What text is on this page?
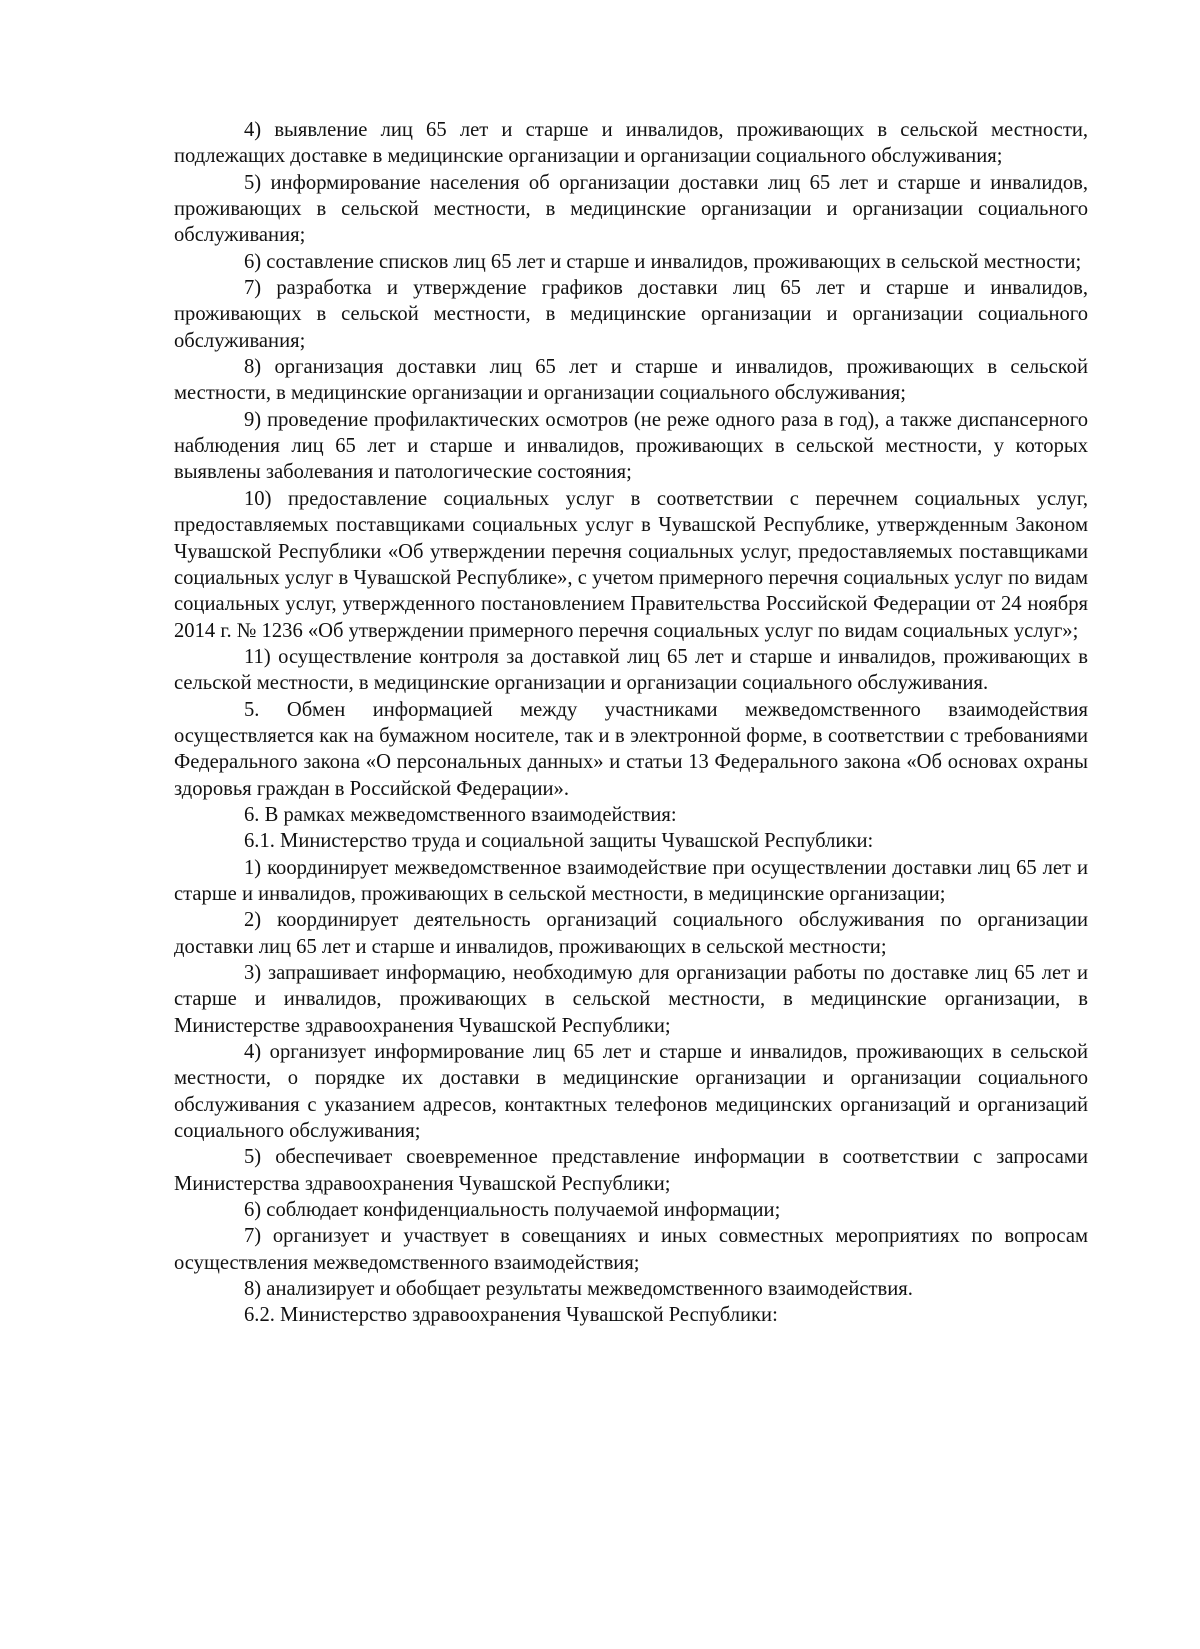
4) выявление лиц 65 лет и старше и инвалидов, проживающих в сельской местности, подлежащих доставке в медицинские организации и организации социального обслуживания;

5) информирование населения об организации доставки лиц 65 лет и старше и инвалидов, проживающих в сельской местности, в медицинские организации и организации социального обслуживания;

6) составление списков лиц 65 лет и старше и инвалидов, проживающих в сельской местности;

7) разработка и утверждение графиков доставки лиц 65 лет и старше и инвалидов, проживающих в сельской местности, в медицинские организации и организации социального обслуживания;

8) организация доставки лиц 65 лет и старше и инвалидов, проживающих в сельской местности, в медицинские организации и организации социального обслуживания;

9) проведение профилактических осмотров (не реже одного раза в год), а также диспансерного наблюдения лиц 65 лет и старше и инвалидов, проживающих в сельской местности, у которых выявлены заболевания и патологические состояния;

10) предоставление социальных услуг в соответствии с перечнем социальных услуг, предоставляемых поставщиками социальных услуг в Чувашской Республике, утвержденным Законом Чувашской Республики «Об утверждении перечня социальных услуг, предоставляемых поставщиками социальных услуг в Чувашской Республике», с учетом примерного перечня социальных услуг по видам социальных услуг, утвержденного постановлением Правительства Российской Федерации от 24 ноября 2014 г. № 1236 «Об утверждении примерного перечня социальных услуг по видам социальных услуг»;

11) осуществление контроля за доставкой лиц 65 лет и старше и инвалидов, проживающих в сельской местности, в медицинские организации и организации социального обслуживания.

5. Обмен информацией между участниками межведомственного взаимодействия осуществляется как на бумажном носителе, так и в электронной форме, в соответствии с требованиями Федерального закона «О персональных данных» и статьи 13 Федерального закона «Об основах охраны здоровья граждан в Российской Федерации».

6. В рамках межведомственного взаимодействия:

6.1. Министерство труда и социальной защиты Чувашской Республики:

1) координирует межведомственное взаимодействие при осуществлении доставки лиц 65 лет и старше и инвалидов, проживающих в сельской местности, в медицинские организации;

2) координирует деятельность организаций социального обслуживания по организации доставки лиц 65 лет и старше и инвалидов, проживающих в сельской местности;

3) запрашивает информацию, необходимую для организации работы по доставке лиц 65 лет и старше и инвалидов, проживающих в сельской местности, в медицинские организации, в Министерстве здравоохранения Чувашской Республики;

4) организует информирование лиц 65 лет и старше и инвалидов, проживающих в сельской местности, о порядке их доставки в медицинские организации и организации социального обслуживания с указанием адресов, контактных телефонов медицинских организаций и организаций социального обслуживания;

5) обеспечивает своевременное представление информации в соответствии с запросами Министерства здравоохранения Чувашской Республики;

6) соблюдает конфиденциальность получаемой информации;

7) организует и участвует в совещаниях и иных совместных мероприятиях по вопросам осуществления межведомственного взаимодействия;

8) анализирует и обобщает результаты межведомственного взаимодействия.

6.2. Министерство здравоохранения Чувашской Республики:
